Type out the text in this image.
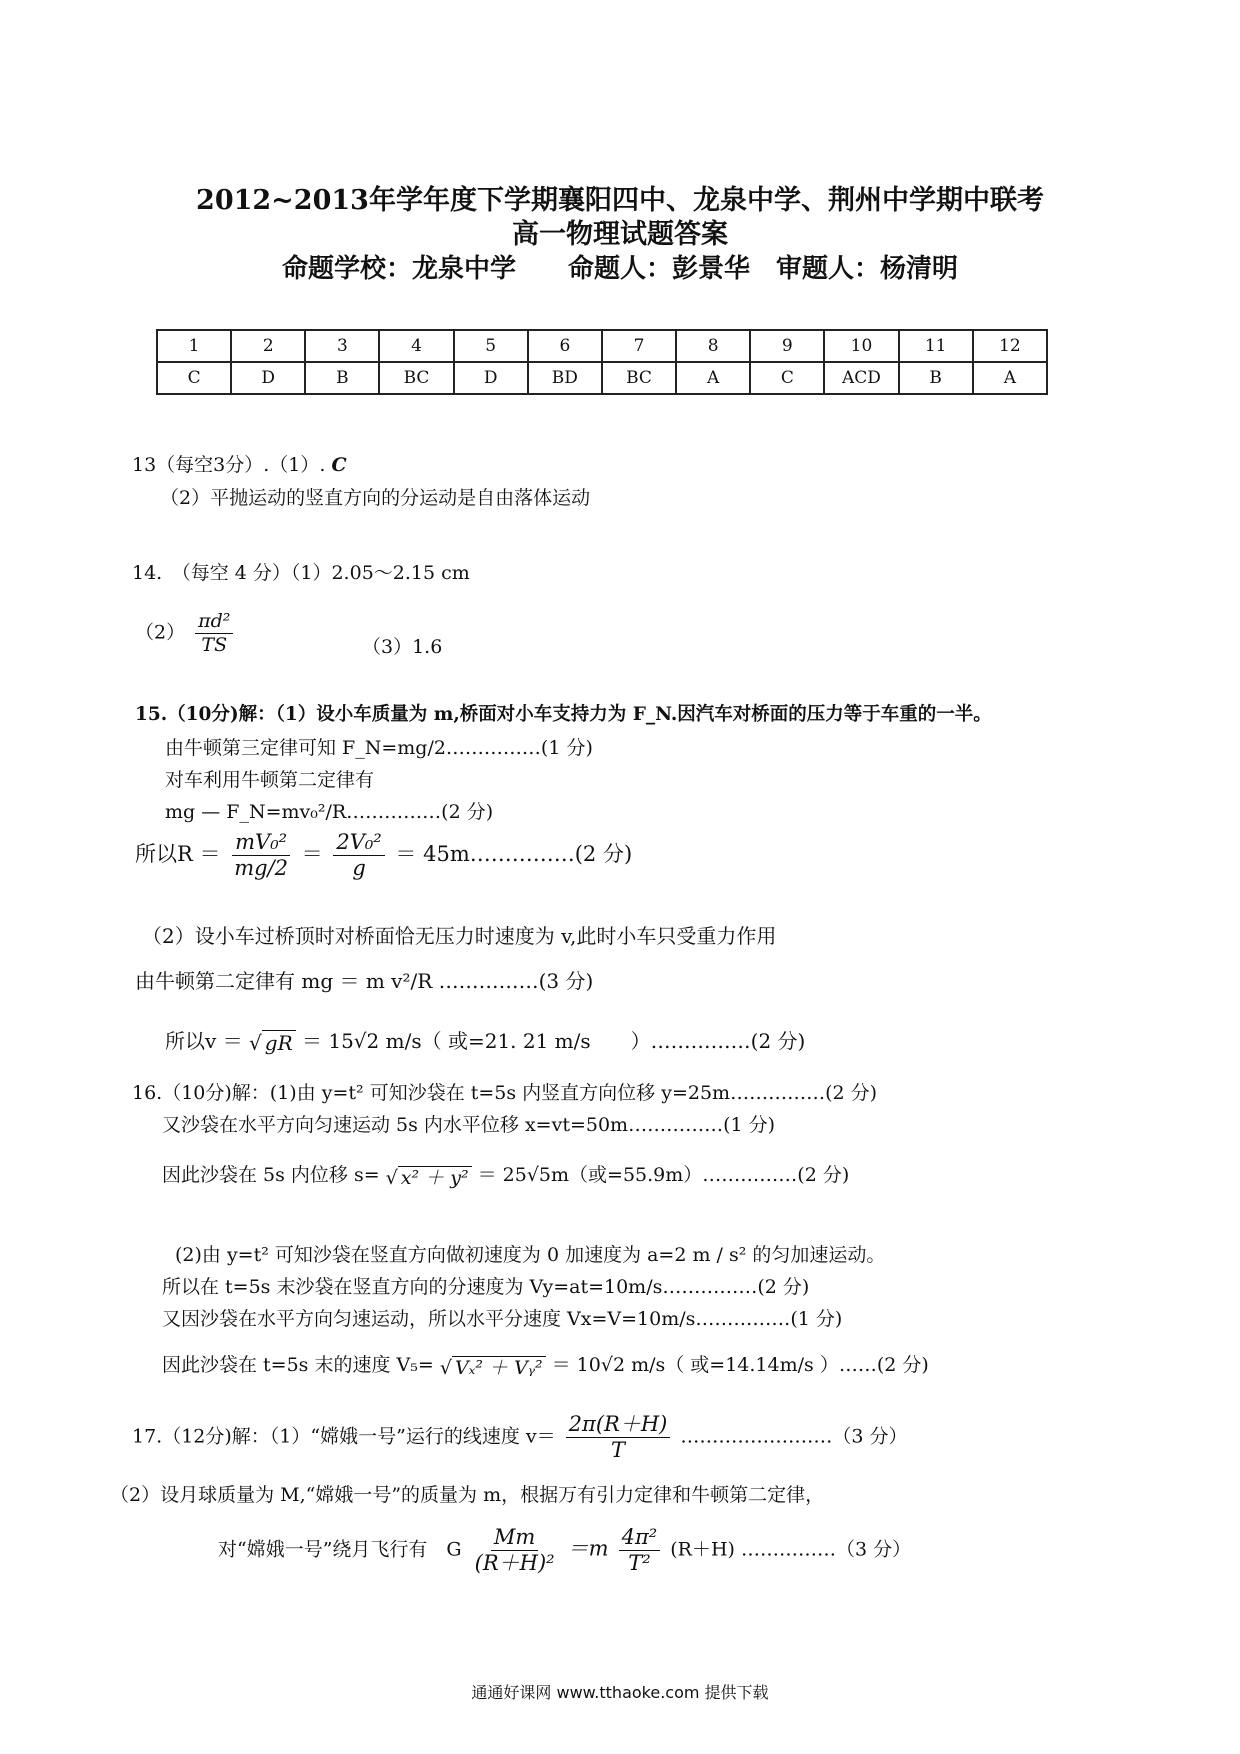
2012~2013年学年度下学期襄阳四中、龙泉中学、荆州中学期中联考
高一物理试题答案
命题学校：龙泉中学　　命题人：彭景华　审题人：杨清明
1	2	3	4	5	6	7	8	9	10	11	12
C	D	B	BC	D	BD	BC	A	C	ACD	B	A
13（每空3分）.（1）. C
（2）平抛运动的竖直方向的分运动是自由落体运动
14.　（每空 4 分）（1）2.05～2.15 cm
$(2) \frac{\text{πd²}}{TS}$	（3）1.6
15.（10分)解：（1）设小车质量为 m,桥面对小车支持力为 F_N.因汽车对桥面的压力等于车重的一半。
由牛顿第三定律可知 F_N=mg/2……………(1 分)
对车利用牛顿第二定律有
mg — F_N=mv₀²/R……………(2 分)
所以$R = \frac{\text{mV₀²}}{mg/2} = \frac{\text{2V₀²}}{g}$ ＝ 45m……………(2 分)
（2）设小车过桥顶时对桥面恰无压力时速度为 v,此时小车只受重力作用
由牛顿第二定律有 mg ＝ m v²/R ……………(3 分)
所以v ＝ √ gR ＝ 15√2 m/s（ 或=21. 21 m/s　　）……………(2 分)
16.（10分)解：(1)由 y=t² 可知沙袋在 t=5s 内竖直方向位移 y=25m……………(2 分)
又沙袋在水平方向匀速运动 5s 内水平位移 x=vt=50m……………(1 分)
因此沙袋在 5s 内位移 s= √ x² ＋ y² ＝ 25√5m（或=55.9m）……………(2 分)
(2)由 y=t² 可知沙袋在竖直方向做初速度为 0 加速度为 a=2 m / s² 的匀加速运动。
所以在 t=5s 末沙袋在竖直方向的分速度为 Vy=at=10m/s……………(2 分)
又因沙袋在水平方向匀速运动，所以水平分速度 Vx=V=10m/s……………(1 分)
因此沙袋在 t=5s 末的速度 V₅= √ Vₓ² ＋ Vᵧ² ＝ 10√2 m/s（ 或=14.14m/s ）……(2 分)
17.（12分)解：（1）“嫦娥一号”运行的线速度 $v= \frac{2\pi(R+H)}{T}$ ……………………（3 分）
（2）设月球质量为 M,“嫦娥一号”的质量为 m，根据万有引力定律和牛顿第二定律，
对“嫦娥一号”绕月飞行有　G $\frac{Mm}{\text{(R＋H)²}} =m \frac{\text{4π²}}{\text{T²}} (R+H)$ ……………（3 分）
通通好课网 www.tthaoke.com 提供下载
